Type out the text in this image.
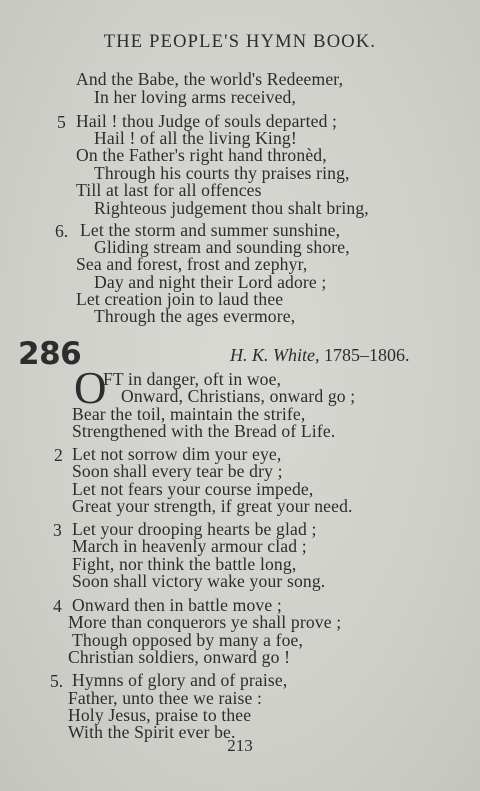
THE PEOPLE'S HYMN BOOK.
And the Babe, the world's Redeemer,
In her loving arms received,
5 Hail ! thou Judge of souls departed ;
Hail ! of all the living King!
On the Father's right hand thronèd,
Through his courts thy praises ring,
Till at last for all offences
Righteous judgement thou shalt bring,
6. Let the storm and summer sunshine,
Gliding stream and sounding shore,
Sea and forest, frost and zephyr,
Day and night their Lord adore ;
Let creation join to laud thee
Through the ages evermore,
286	H. K. White, 1785–1806.
O
FT in danger, oft in woe,
Onward, Christians, onward go ;
Bear the toil, maintain the strife,
Strengthened with the Bread of Life.
2 Let not sorrow dim your eye,
Soon shall every tear be dry ;
Let not fears your course impede,
Great your strength, if great your need.
3 Let your drooping hearts be glad ;
March in heavenly armour clad ;
Fight, nor think the battle long,
Soon shall victory wake your song.
4 Onward then in battle move ;
More than conquerors ye shall prove ;
Though opposed by many a foe,
Christian soldiers, onward go !
5. Hymns of glory and of praise,
Father, unto thee we raise :
Holy Jesus, praise to thee
With the Spirit ever be.
213
